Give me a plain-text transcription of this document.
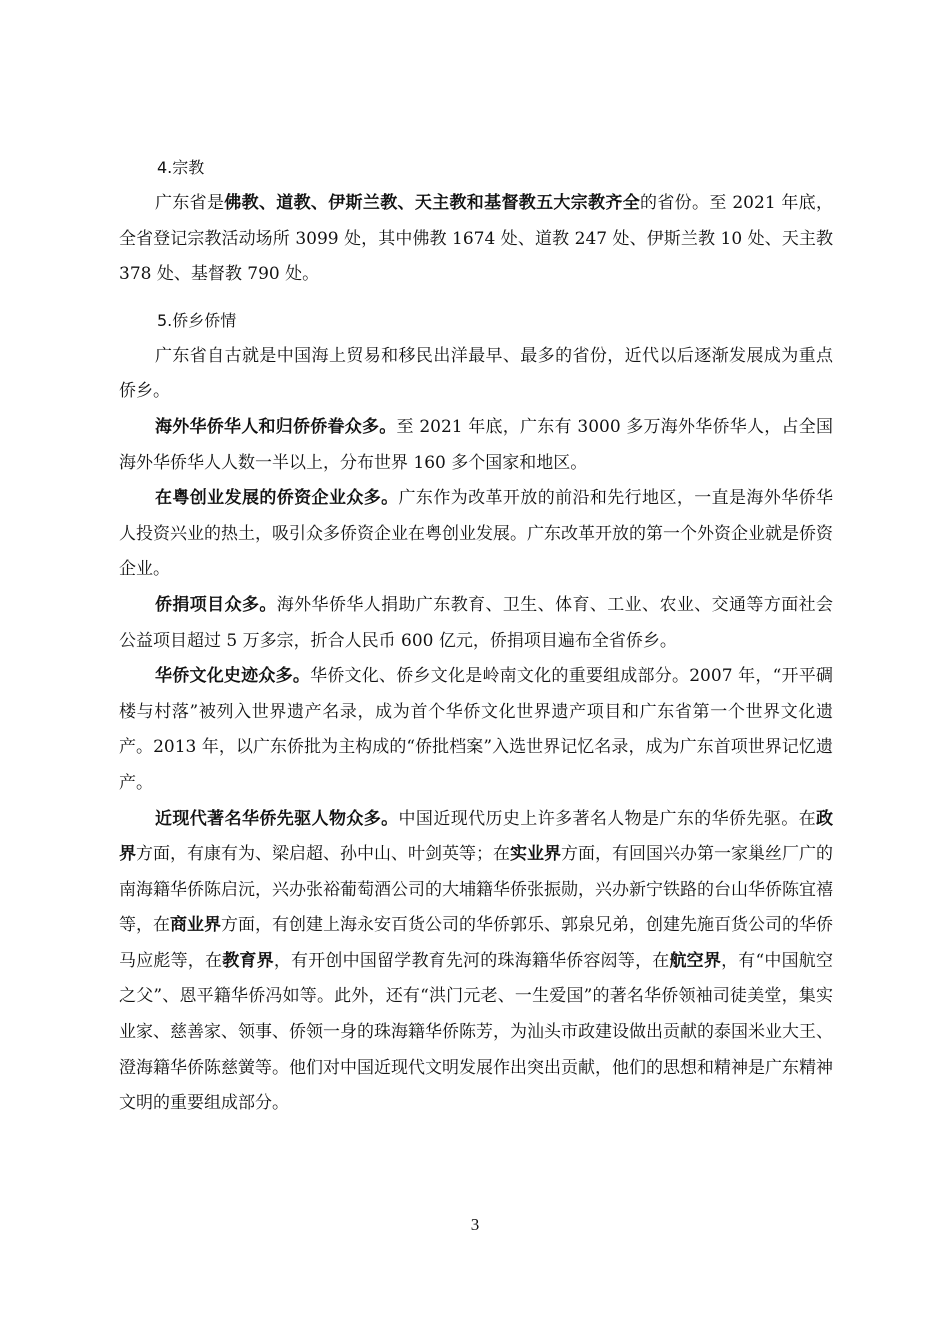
4.宗教

广东省是佛教、道教、伊斯兰教、天主教和基督教五大宗教齐全的省份。至 2021 年底，全省登记宗教活动场所 3099 处，其中佛教 1674 处、道教 247 处、伊斯兰教 10 处、天主教 378 处、基督教 790 处。

5.侨乡侨情

广东省自古就是中国海上贸易和移民出洋最早、最多的省份，近代以后逐渐发展成为重点侨乡。

海外华侨华人和归侨侨眷众多。至 2021 年底，广东有 3000 多万海外华侨华人，占全国海外华侨华人人数一半以上，分布世界 160 多个国家和地区。

在粤创业发展的侨资企业众多。广东作为改革开放的前沿和先行地区，一直是海外华侨华人投资兴业的热土，吸引众多侨资企业在粤创业发展。广东改革开放的第一个外资企业就是侨资企业。

侨捐项目众多。海外华侨华人捐助广东教育、卫生、体育、工业、农业、交通等方面社会公益项目超过 5 万多宗，折合人民币 600 亿元，侨捐项目遍布全省侨乡。

华侨文化史迹众多。华侨文化、侨乡文化是岭南文化的重要组成部分。2007 年，“开平碉楼与村落”被列入世界遗产名录，成为首个华侨文化世界遗产项目和广东省第一个世界文化遗产。2013 年，以广东侨批为主构成的“侨批档案”入选世界记忆名录，成为广东首项世界记忆遗产。

近现代著名华侨先驱人物众多。中国近现代历史上许多著名人物是广东的华侨先驱。在政界方面，有康有为、梁启超、孙中山、叶剑英等；在实业界方面，有回国兴办第一家巢丝厂广的南海籍华侨陈启沅，兴办张裕葡萄酒公司的大埔籍华侨张振勋，兴办新宁铁路的台山华侨陈宜禧等，在商业界方面，有创建上海永安百货公司的华侨郭乐、郭泉兄弟，创建先施百货公司的华侨马应彪等，在教育界，有开创中国留学教育先河的珠海籍华侨容闳等，在航空界，有“中国航空之父”、恩平籍华侨冯如等。此外，还有“洪门元老、一生爱国”的著名华侨领袖司徒美堂，集实业家、慈善家、领事、侨领一身的珠海籍华侨陈芳，为汕头市政建设做出贡献的泰国米业大王、澄海籍华侨陈慈黉等。他们对中国近现代文明发展作出突出贡献，他们的思想和精神是广东精神文明的重要组成部分。

3
